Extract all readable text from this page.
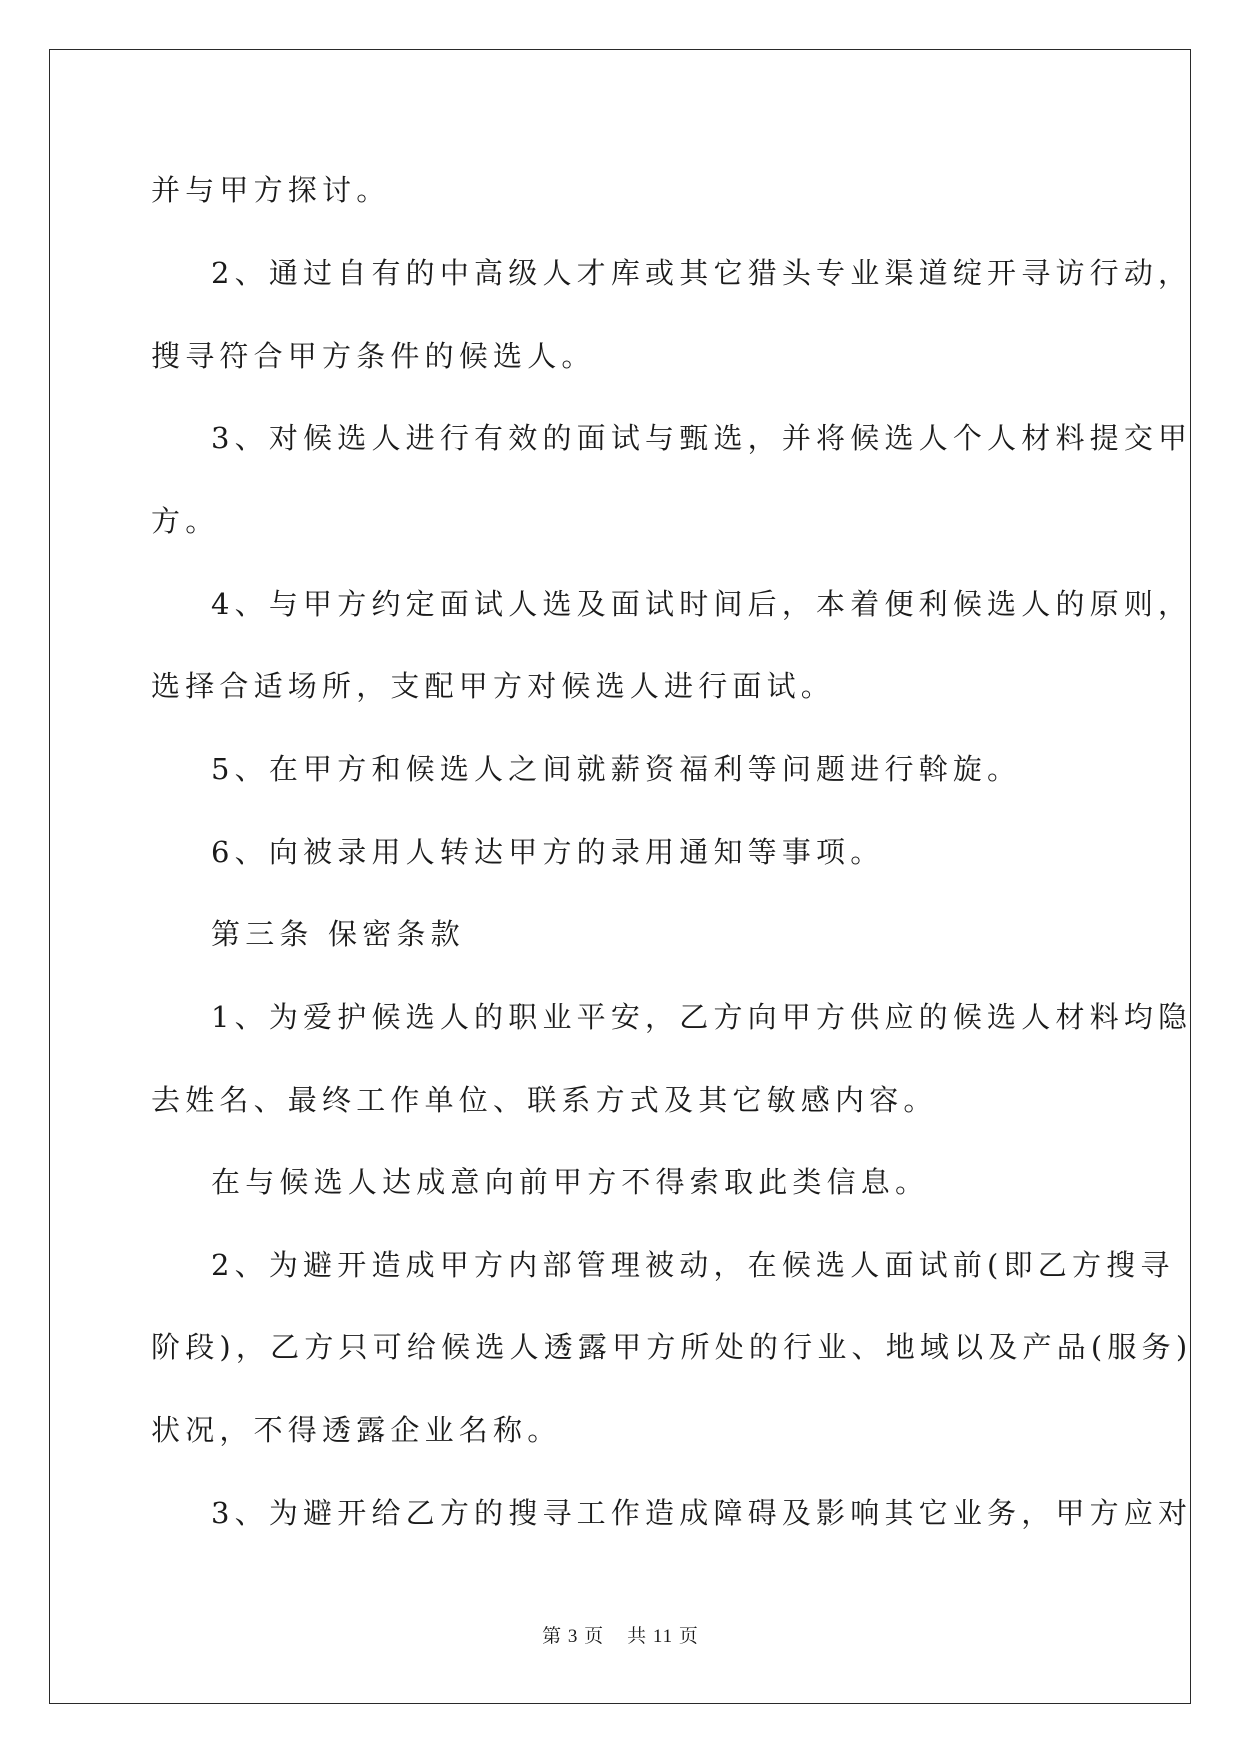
并与甲方探讨。
2、通过自有的中高级人才库或其它猎头专业渠道绽开寻访行动，
搜寻符合甲方条件的候选人。
3、对候选人进行有效的面试与甄选，并将候选人个人材料提交甲
方。
4、与甲方约定面试人选及面试时间后，本着便利候选人的原则，
选择合适场所，支配甲方对候选人进行面试。
5、在甲方和候选人之间就薪资福利等问题进行斡旋。
6、向被录用人转达甲方的录用通知等事项。
第三条 保密条款
1、为爱护候选人的职业平安，乙方向甲方供应的候选人材料均隐
去姓名、最终工作单位、联系方式及其它敏感内容。
在与候选人达成意向前甲方不得索取此类信息。
2、为避开造成甲方内部管理被动，在候选人面试前(即乙方搜寻
阶段)，乙方只可给候选人透露甲方所处的行业、地域以及产品(服务)
状况，不得透露企业名称。
3、为避开给乙方的搜寻工作造成障碍及影响其它业务，甲方应对
第 3 页 共 11 页
